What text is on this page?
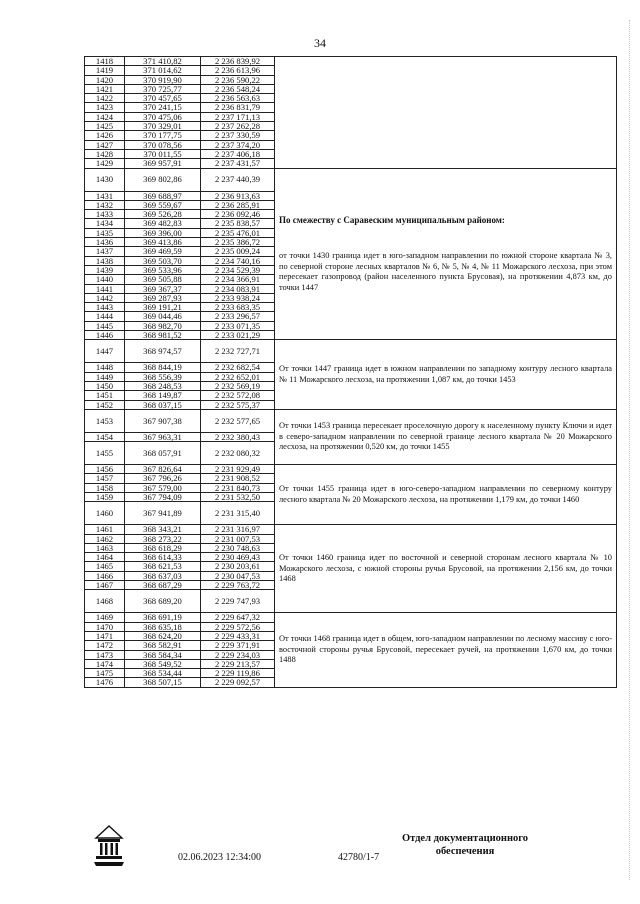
34
1418	371 410,82	2 236 839,92	
1419	371 014,62	2 236 613,96	
1420	370 919,90	2 236 590,22	
1421	370 725,77	2 236 548,24	
1422	370 457,65	2 236 563,63	
1423	370 241,15	2 236 831,79	
1424	370 475,06	2 237 171,13	
1425	370 329,01	2 237 262,28	
1426	370 177,75	2 237 330,59	
1427	370 078,56	2 237 374,20	
1428	370 011,55	2 237 406,18	
1429	369 957,91	2 237 431,57	
1430	369 802,86	2 237 440,39	По смежеству с Саравеским муниципальным районом:

от точки 1430 граница идет в юго-западном направлении по южной стороне квартала № 3, по северной стороне лесных кварталов № 6, № 5, № 4, № 11 Можарского лесхоза, при этом пересекает газопровод (район населенного пункта Брусовая), на протяжении 4,873 км, до точки 1447

1431	369 688,97	2 236 913,63	
1432	369 559,67	2 236 285,91	
1433	369 526,28	2 236 092,46	
1434	369 482,83	2 235 838,57	
1435	369 396,00	2 235 476,01	
1436	369 413,86	2 235 386,72	
1437	369 469,59	2 235 009,24	
1438	369 503,70	2 234 740,16	
1439	369 533,96	2 234 529,39	
1440	369 505,88	2 234 366,91	
1441	369 367,37	2 234 083,91	
1442	369 287,93	2 233 938,24	
1443	369 191,21	2 233 683,35	
1444	369 044,46	2 233 296,57	
1445	368 982,70	2 233 071,35	
1446	368 981,52	2 233 021,29	
1447	368 974,57	2 232 727,71	От точки 1447 граница идет в южном направлении по западному контуру лесного квартала № 11 Можарского лесхоза, на протяжении 1,087 км, до точки 1453

1448	368 844,19	2 232 682,54	
1449	368 556,39	2 232 652,01	
1450	368 248,53	2 232 569,19	
1451	368 149,87	2 232 572,08	
1452	368 037,15	2 232 575,37	
1453	367 907,38	2 232 577,65	От точки 1453 граница пересекает проселочную дорогу к населенному пункту Ключи и идет в северо-западном направлении по северной границе лесного квартала № 20 Можарского лесхоза, на протяжении 0,520 км, до точки 1455

1454	367 963,31	2 232 380,43	
1455	368 057,91	2 232 080,32	
1456	367 826,64	2 231 929,49	От точки 1455 граница идет в юго-северо-западном направлении по северному контуру лесного квартала № 20 Можарского лесхоза, на протяжении 1,179 км, до точки 1460

1457	367 796,26	2 231 908,52	
1458	367 579,00	2 231 840,73	
1459	367 794,09	2 231 532,50	
1460	367 941,89	2 231 315,40	
1461	368 343,21	2 231 316,97	От точки 1460 граница идет по восточной и северной сторонам лесного квартала № 10 Можарского лесхоза, с южной стороны ручья Брусовой, на протяжении 2,156 км, до точки 1468

1462	368 273,22	2 231 007,53	
1463	368 618,29	2 230 748,63	
1464	368 614,33	2 230 469,43	
1465	368 621,53	2 230 203,61	
1466	368 637,03	2 230 047,53	
1467	368 687,29	2 229 763,72	
1468	368 689,20	2 229 747,93	
1469	368 691,19	2 229 647,32	От точки 1468 граница идет в общем, юго-западном направлении по лесному массиву с юго-восточной стороны ручья Брусовой, пересекает ручей, на протяжении 1,670 км, до точки 1488

1470	368 635,18	2 229 572,56	
1471	368 624,20	2 229 433,31	
1472	368 582,91	2 229 371,91	
1473	368 584,34	2 229 234,03	
1474	368 549,52	2 229 213,57	
1475	368 534,44	2 229 119,86	
1476	368 507,15	2 229 092,57	
02.06.2023 12:34:00	42780/1-7
Отдел документационного
обеспечения
